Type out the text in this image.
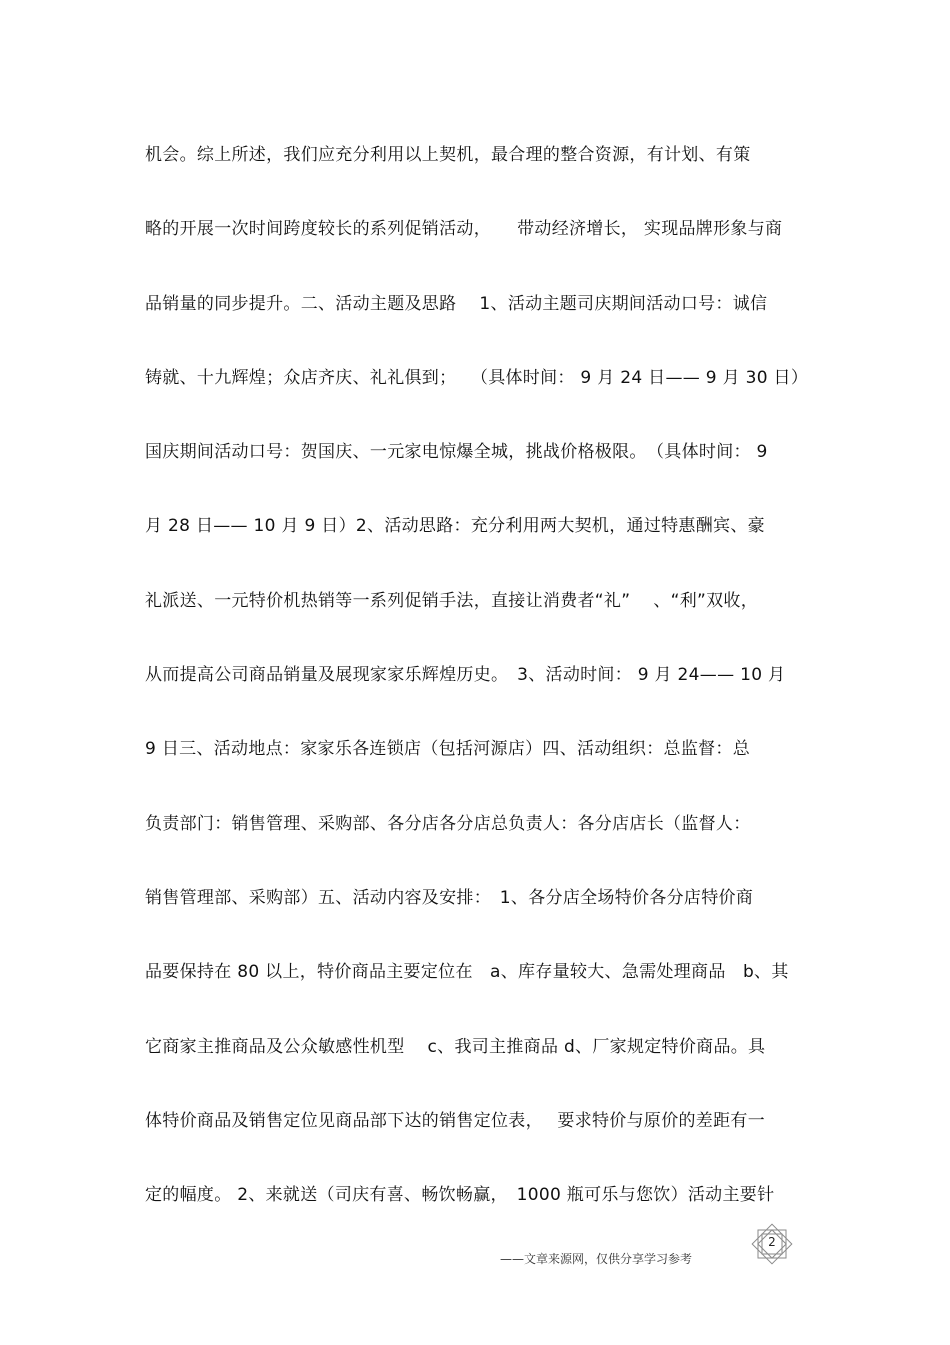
机会。综上所述，我们应充分利用以上契机，最合理的整合资源，有计划、有策
略的开展一次时间跨度较长的系列促销活动，　　带动经济增长， 实现品牌形象与商
品销量的同步提升。二、活动主题及思路　 1、活动主题司庆期间活动口号：诚信
铸就、十九辉煌；众店齐庆、礼礼俱到；　 （具体时间： 9 月 24 日—— 9 月 30 日）
国庆期间活动口号：贺国庆、一元家电惊爆全城，挑战价格极限。　（具体时间： 9
月 28 日—— 10 月 9 日）2、活动思路：充分利用两大契机，通过特惠酬宾、豪
礼派送、一元特价机热销等一系列促销手法，直接让消费者“礼”　 、“利”双收，
从而提高公司商品销量及展现家家乐辉煌历史。　3、活动时间： 9 月 24—— 10 月
9 日三、活动地点：家家乐各连锁店（包括河源店）四、活动组织：总监督：总
负责部门：销售管理、采购部、各分店各分店总负责人：各分店店长（监督人：
销售管理部、采购部）五、活动内容及安排：　1、各分店全场特价各分店特价商
品要保持在 80 以上，特价商品主要定位在　a、库存量较大、急需处理商品　b、其
它商家主推商品及公众敏感性机型　 c、我司主推商品 d、厂家规定特价商品。具
体特价商品及销售定位见商品部下达的销售定位表，　 要求特价与原价的差距有一
定的幅度。 2、来就送（司庆有喜、畅饮畅赢，　1000 瓶可乐与您饮）活动主要针
2
——文章来源网，仅供分享学习参考
